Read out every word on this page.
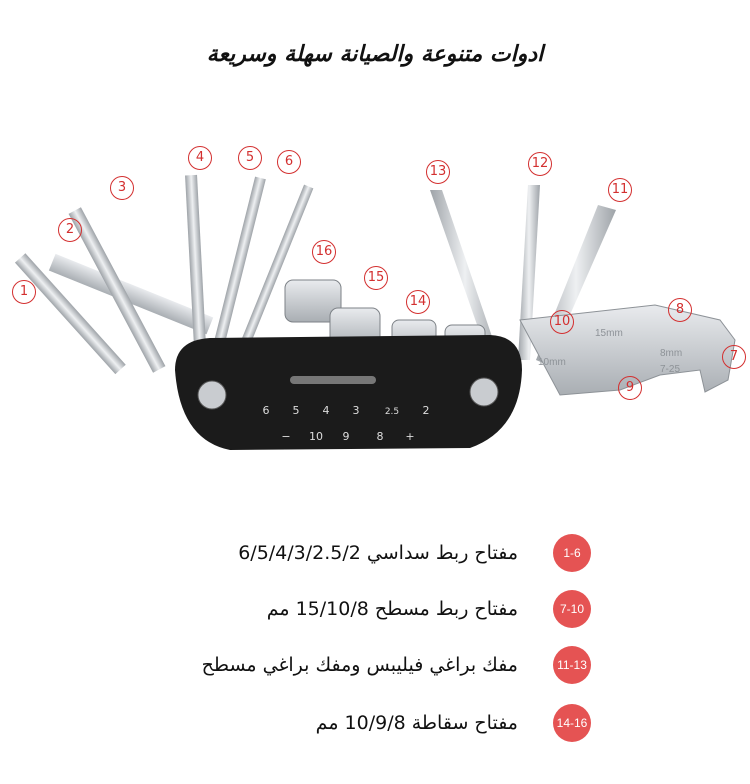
ادوات متنوعة والصيانة سهلة وسريعة
15mm
10mm
8mm
7-25
6 5 4 3	2.5 2
− 10 9 8 +
1
2
3
4	5	6
7
8
9
10
11
12
13
14
15
16
مفتاح ربط سداسي 6/5/4/3/2.5/2	1-6
مفتاح ربط مسطح 15/10/8 مم	7-10
مفك براغي فيليبس ومفك براغي مسطح	11-13
مفتاح سقاطة 10/9/8 مم	14-16
